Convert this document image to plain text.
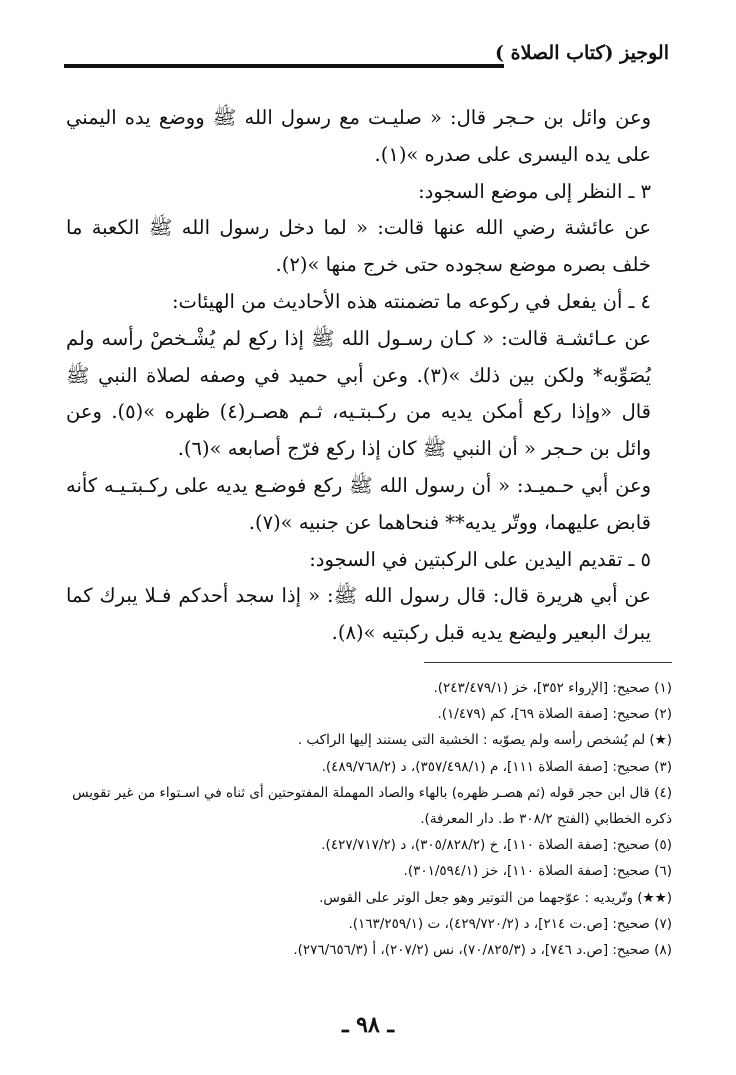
الوجيز (كتاب الصلاة )

وعن وائل بن حـجر قال: « صليـت مع رسول الله ﷺ ووضع يده اليمني على يده اليسرى على صدره »(١).

٣ ـ النظر إلى موضع السجود:

عن عائشة رضي الله عنها قالت: « لما دخل رسول الله ﷺ الكعبة ما خلف بصره موضع سجوده حتى خرج منها »(٢).

٤ ـ أن يفعل في ركوعه ما تضمنته هذه الأحاديث من الهيئات:

عن عـائشـة قالت: « كـان رسـول الله ﷺ إذا ركع لم يُشْـخصْ رأسه ولم يُصَوِّبه* ولكن بين ذلك »(٣). وعن أبي حميد في وصفه لصلاة النبي ﷺ قال «وإذا ركع أمكن يديه من ركـبتـيه، ثـم هصـر(٤) ظهره »(٥). وعن وائل بن حـجر « أن النبي ﷺ كان إذا ركع فرّج أصابعه »(٦).

وعن أبي حـميـد: « أن رسول الله ﷺ ركع فوضـع يديه على ركـبتـيـه كأنه قابض عليهما، ووتّر يديه** فنحاهما عن جنبيه »(٧).

٥ ـ تقديم اليدين على الركبتين في السجود:

عن أبي هريرة قال: قال رسول الله ﷺ: « إذا سجد أحدكم فـلا يبرك كما يبرك البعير وليضع يديه قبل ركبتيه »(٨).

(١) صحيح: [الإرواء ٣٥٢]، خز (٢٤٣/٤٧٩/١).

(٢) صحيح: [صفة الصلاة ٦٩]، كم (١/٤٧٩).

(★) لم يُشخص رأسه ولم يصوّبه : الخشبة التى يستند إليها الراكب .

(٣) صحيح: [صفة الصلاة ١١١]، م (٣٥٧/٤٩٨/١)، د (٤٨٩/٧٦٨/٢).

(٤) قال ابن حجر قوله (ثم هصـر ظهره) بالهاء والصاد المهملة المفتوحتين أى ثناه في اسـتواء من غير تقويس ذكره الخطابي (الفتح ٣٠٨/٢ ط. دار المعرفة).

(٥) صحيح: [صفة الصلاة ١١٠]، خ (٣٠٥/٨٢٨/٢)، د (٤٢٧/٧١٧/٢).

(٦) صحيح: [صفة الصلاة ١١٠]، خز (٣٠١/٥٩٤/١).

(★★) وتّريديه : عوّجهما من التوتير وهو جعل الوتر على القوس.

(٧) صحيح: [ص.ت ٢١٤]، د (٤٢٩/٧٢٠/٢)، ت (١٦٣/٢٥٩/١).

(٨) صحيح: [ص.د ٧٤٦]، د (٧٠/٨٢٥/٣)، نس (٢٠٧/٢)، أ (٢٧٦/٦٥٦/٣).

ـ ٩٨ ـ
